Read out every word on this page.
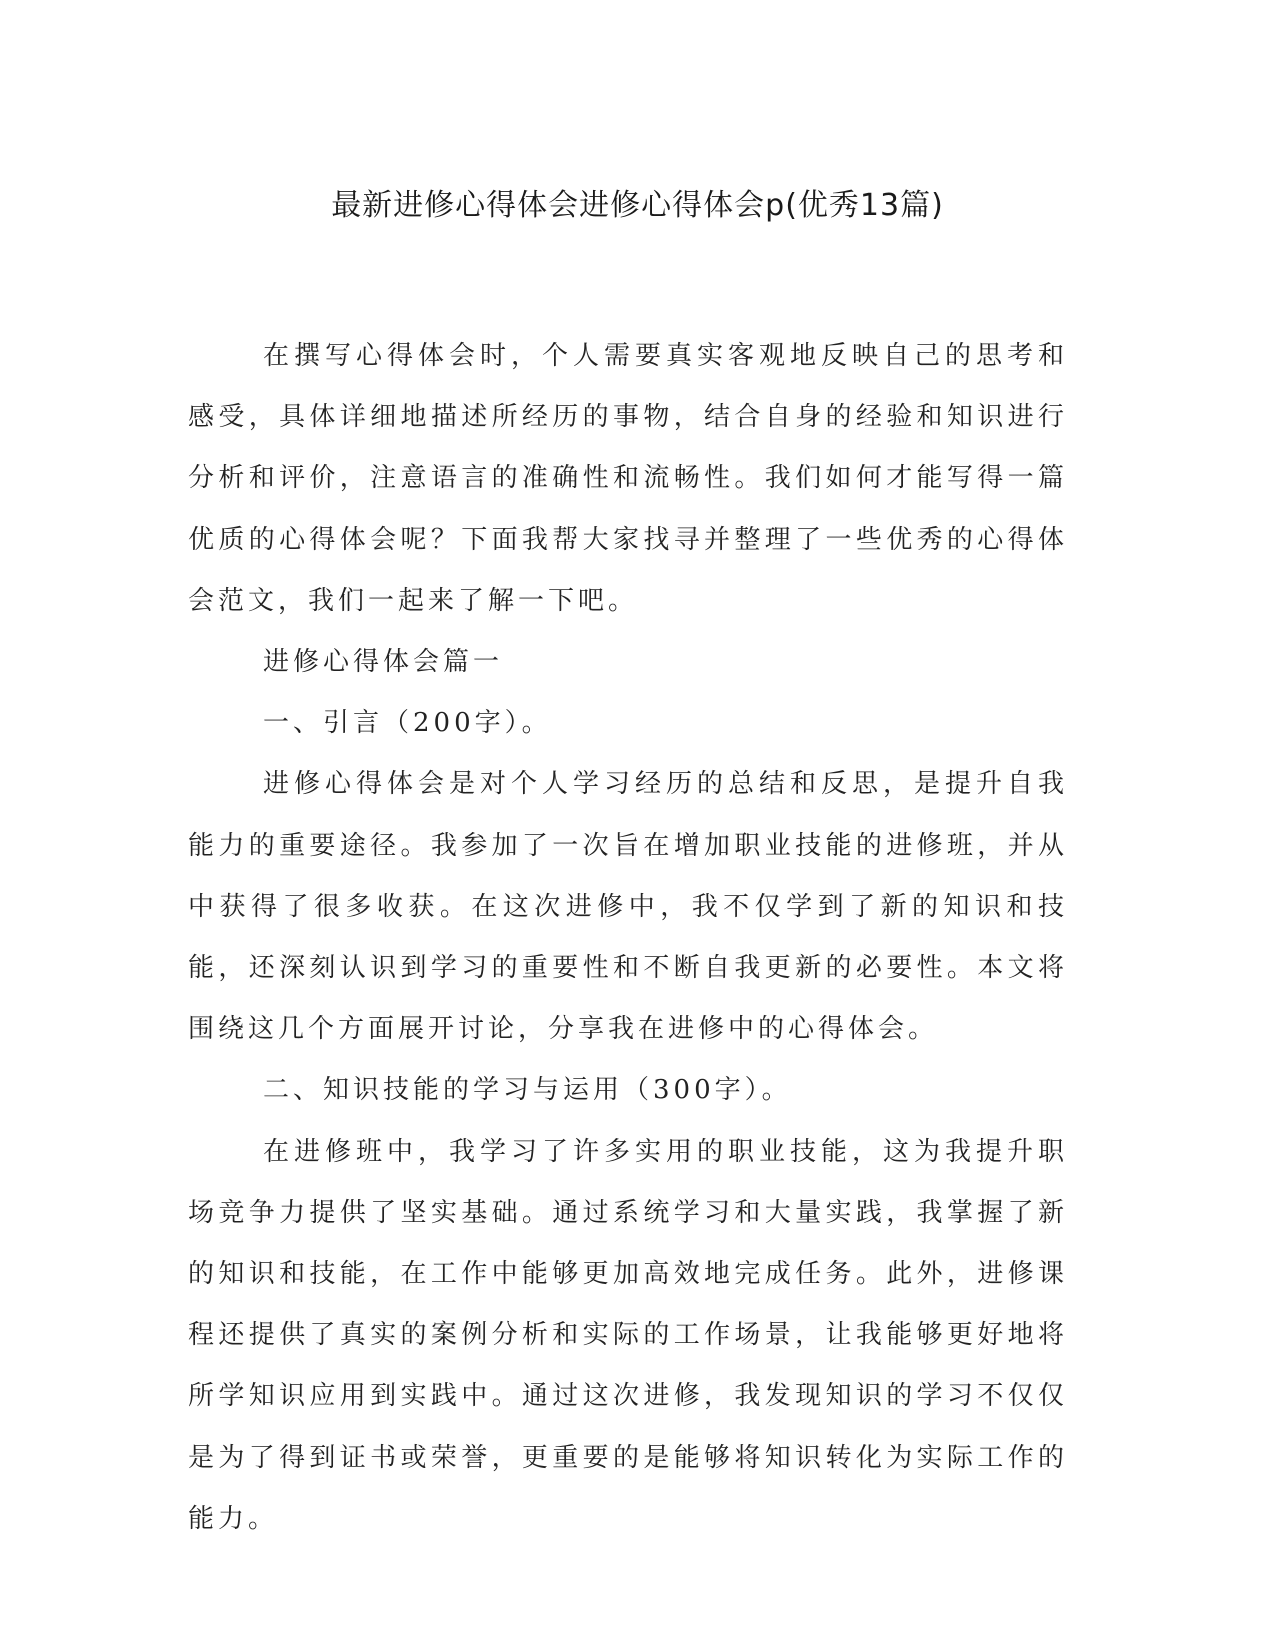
最新进修心得体会进修心得体会p(优秀13篇)

在撰写心得体会时，个人需要真实客观地反映自己的思考和感受，具体详细地描述所经历的事物，结合自身的经验和知识进行分析和评价，注意语言的准确性和流畅性。我们如何才能写得一篇优质的心得体会呢？下面我帮大家找寻并整理了一些优秀的心得体会范文，我们一起来了解一下吧。

进修心得体会篇一

一、引言（200字）。

进修心得体会是对个人学习经历的总结和反思，是提升自我能力的重要途径。我参加了一次旨在增加职业技能的进修班，并从中获得了很多收获。在这次进修中，我不仅学到了新的知识和技能，还深刻认识到学习的重要性和不断自我更新的必要性。本文将围绕这几个方面展开讨论，分享我在进修中的心得体会。

二、知识技能的学习与运用（300字）。

在进修班中，我学习了许多实用的职业技能，这为我提升职场竞争力提供了坚实基础。通过系统学习和大量实践，我掌握了新的知识和技能，在工作中能够更加高效地完成任务。此外，进修课程还提供了真实的案例分析和实际的工作场景，让我能够更好地将所学知识应用到实践中。通过这次进修，我发现知识的学习不仅仅是为了得到证书或荣誉，更重要的是能够将知识转化为实际工作的能力。
